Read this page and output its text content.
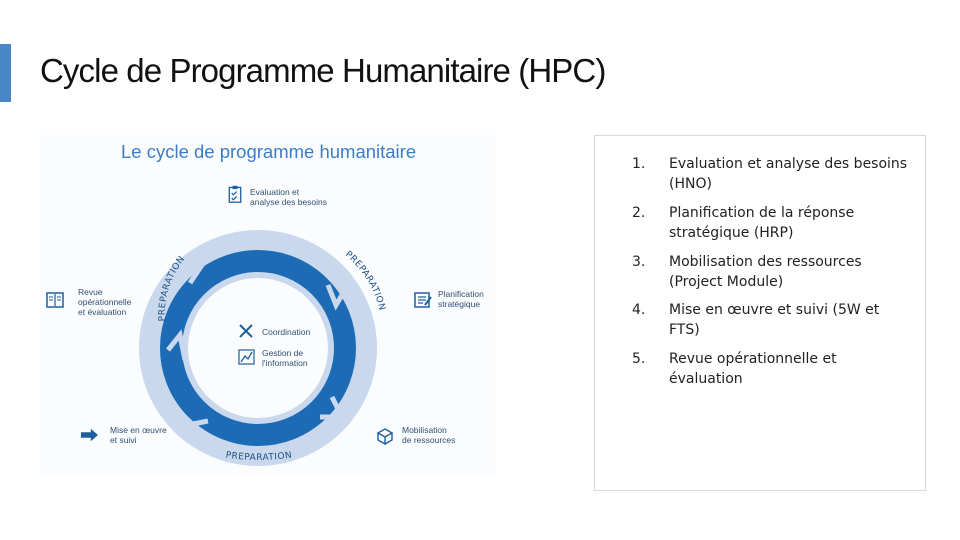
Cycle de Programme Humanitaire (HPC)
PREPARATION	PREPARATION
PREPARATION
Le cycle de programme humanitaire
Coordination
Gestion de
l'information
Evaluation et
analyse des besoins
Planification
stratégique
Mobilisation
de ressources
Mise en œuvre
et suivi
Revue
opérationnelle
et évaluation
1.	Evaluation et analyse des besoins (HNO)
2.	Planification de la réponse stratégique (HRP)
3.	Mobilisation des ressources (Project Module)
4.	Mise en œuvre et suivi (5W et FTS)
5.	Revue opérationnelle et évaluation
